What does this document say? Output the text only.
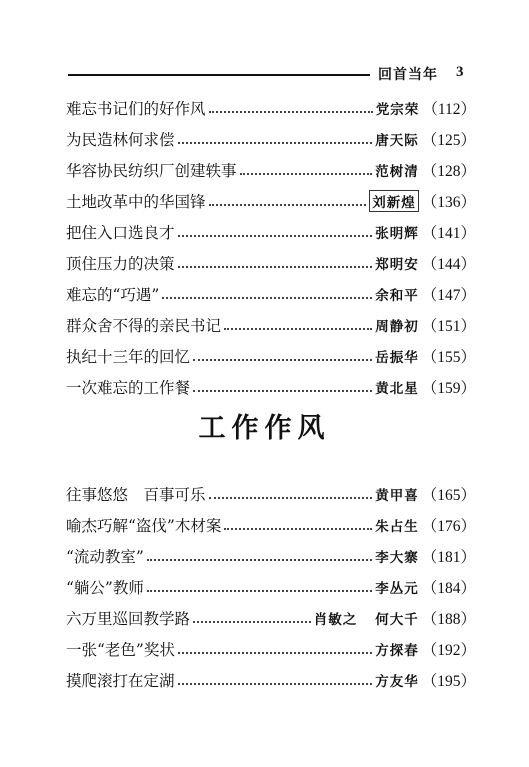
回首当年 3
难忘书记们的好作风	党宗荣 （112）
为民造林何求偿	唐天际 （125）
华容协民纺织厂创建轶事	范树清 （128）
土地改革中的华国锋	刘新煌 （136）
把住入口选良才	张明辉 （141）
顶住压力的决策	郑明安 （144）
难忘的“巧遇”	余和平 （147）
群众舍不得的亲民书记	周静初 （151）
执纪十三年的回忆	岳振华 （155）
一次难忘的工作餐	黄北星 （159）
工作作风
往事悠悠　百事可乐	黄甲喜 （165）
喻杰巧解“盗伐”木材案	朱占生 （176）
“流动教室”	李大寨 （181）
“躺公”教师	李丛元 （184）
六万里巡回教学路	肖敏之 何大千 （188）
一张“老色”奖状	方探春 （192）
摸爬滚打在定湖	方友华 （195）
